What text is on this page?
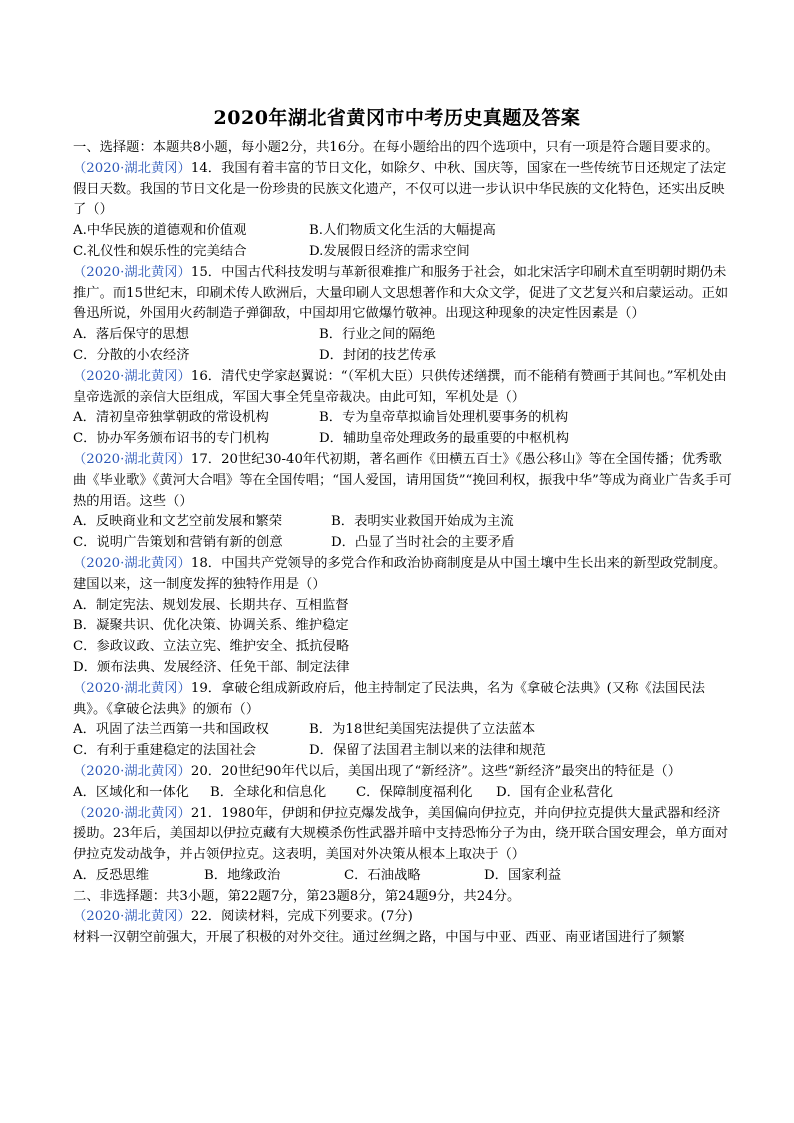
2020年湖北省黄冈市中考历史真题及答案

一、选择题：本题共8小题，每小题2分，共16分。在每小题给出的四个选项中，只有一项是符合题目要求的。

（2020·湖北黄冈）14．我国有着丰富的节日文化，如除夕、中秋、国庆等，国家在一些传统节日还规定了法定假日天数。我国的节日文化是一份珍贵的民族文化遗产，不仅可以进一步认识中华民族的文化特色，还实出反映了（）

A.中华民族的道德观和价值观	B.人们物质文化生活的大幅提高
C.礼仪性和娱乐性的完美结合	D.发展假日经济的需求空间

（2020·湖北黄冈）15．中国古代科技发明与革新很难推广和服务于社会，如北宋活字印刷术直至明朝时期仍未推广。而15世纪末，印刷术传人欧洲后，大量印刷人文思想著作和大众文学，促进了文艺复兴和启蒙运动。正如鲁迅所说，外国用火药制造子弹御敌，中国却用它做爆竹敬神。出现这种现象的决定性因素是（）

A．落后保守的思想	B．行业之间的隔绝
C．分散的小农经济	D．封闭的技艺传承

（2020·湖北黄冈）16．清代史学家赵翼说：“（军机大臣）只供传述缮撰，而不能稍有赞画于其间也。”军机处由皇帝选派的亲信大臣组成，军国大事全凭皇帝裁决。由此可知，军机处是（）

A．清初皇帝独掌朝政的常设机构	B．专为皇帝草拟谕旨处理机要事务的机构
C．协办军务颁布诏书的专门机构	D．辅助皇帝处理政务的最重要的中枢机构

（2020·湖北黄冈）17．20世纪30-40年代初期，著名画作《田横五百士》《愚公移山》等在全国传播；优秀歌曲《毕业歌》《黄河大合唱》等在全国传唱；“国人爱国，请用国货”“挽回利权，振我中华”等成为商业广告炙手可热的用语。这些（）

A．反映商业和文艺空前发展和繁荣	B．表明实业救国开始成为主流
C．说明广告策划和营销有新的创意	D．凸显了当时社会的主要矛盾

（2020·湖北黄冈）18．中国共产党领导的多党合作和政治协商制度是从中国土壤中生长出来的新型政党制度。建国以来，这一制度发挥的独特作用是（）

A．制定宪法、规划发展、长期共存、互相监督

B．凝聚共识、优化决策、协调关系、维护稳定

C．参政议政、立法立宪、维护安全、抵抗侵略

D．颁布法典、发展经济、任免干部、制定法律

（2020·湖北黄冈）19．拿破仑组成新政府后，他主持制定了民法典，名为《拿破仑法典》(又称《法国民法典》。《拿破仑法典》的颁布（）

A．巩固了法兰西第一共和国政权	B．为18世纪美国宪法提供了立法蓝本
C．有利于重建稳定的法国社会	D．保留了法国君主制以来的法律和规范

（2020·湖北黄冈）20．20世纪90年代以后，美国出现了“新经济”。这些“新经济”最突出的特征是（）

A．区域化和一体化	B．全球化和信息化	C．保障制度福利化	D．国有企业私营化

（2020·湖北黄冈）21．1980年，伊朗和伊拉克爆发战争，美国偏向伊拉克，并向伊拉克提供大量武器和经济援助。23年后，美国却以伊拉克藏有大规模杀伤性武器并暗中支持恐怖分子为由，绕开联合国安理会，单方面对伊拉克发动战争，并占领伊拉克。这表明，美国对外决策从根本上取决于（）

A．反恐思维	B．地缘政治	C．石油战略	D．国家利益

二、非选择题：共3小题，第22题7分，第23题8分，第24题9分，共24分。

（2020·湖北黄冈）22．阅读材料，完成下列要求。(7分)

材料一汉朝空前强大，开展了积极的对外交往。通过丝绸之路，中国与中亚、西亚、南亚诸国进行了频繁
